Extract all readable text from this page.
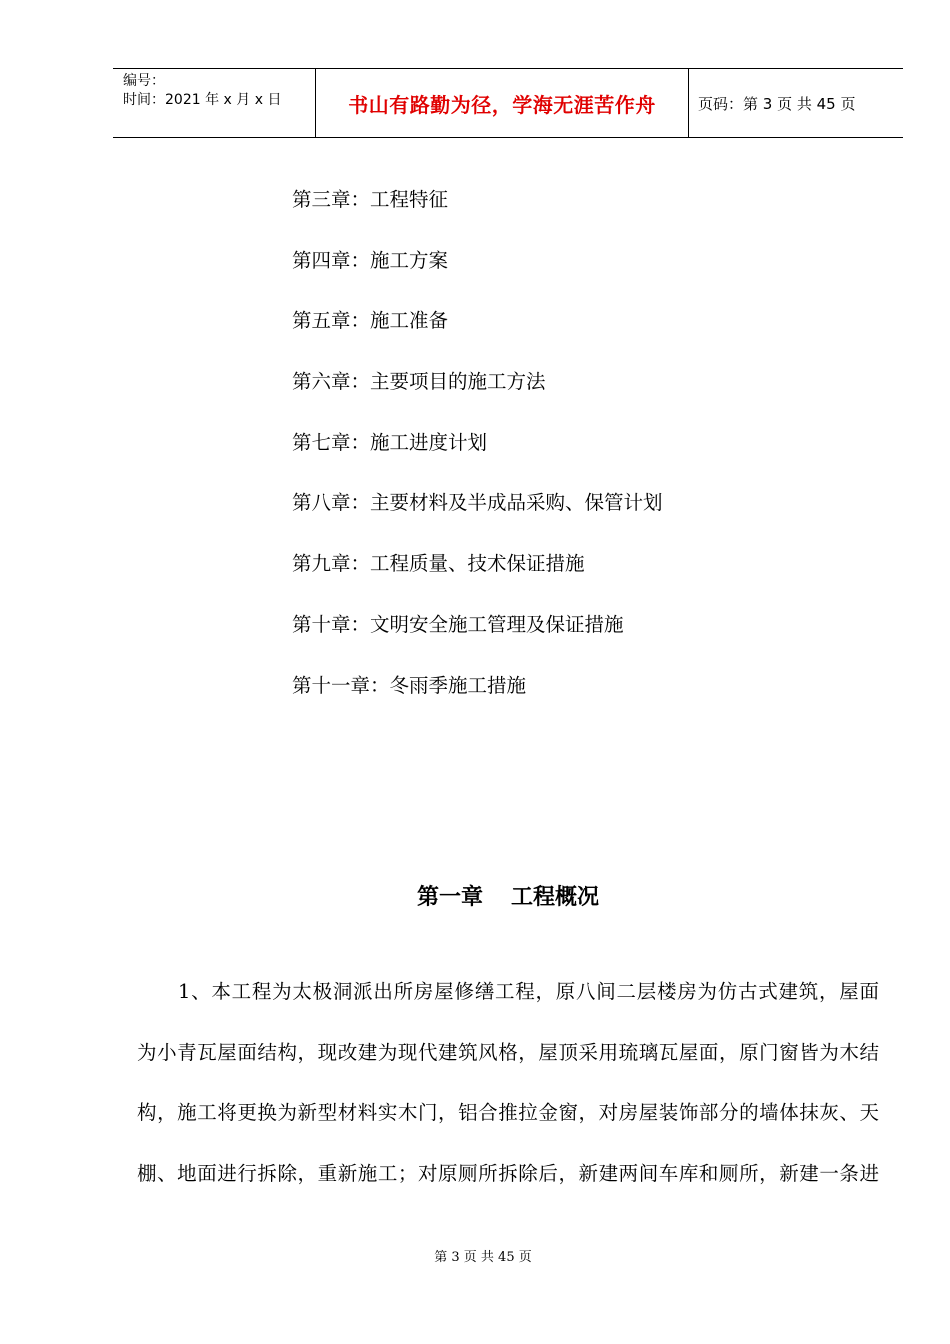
编号：
时间：2021 年 x 月 x 日	书山有路勤为径，学海无涯苦作舟	页码：第 3 页 共 45 页
第三章：工程特征
第四章：施工方案
第五章：施工准备
第六章：主要项目的施工方法
第七章：施工进度计划
第八章：主要材料及半成品采购、保管计划
第九章：工程质量、技术保证措施
第十章：文明安全施工管理及保证措施
第十一章：冬雨季施工措施
第一章 工程概况
1、本工程为太极洞派出所房屋修缮工程，原八间二层楼房为仿古式建筑，屋面
为小青瓦屋面结构，现改建为现代建筑风格，屋顶采用琉璃瓦屋面，原门窗皆为木结
构，施工将更换为新型材料实木门，铝合推拉金窗，对房屋装饰部分的墙体抹灰、天
棚、地面进行拆除，重新施工；对原厕所拆除后，新建两间车库和厕所，新建一条进
第 3 页 共 45 页
